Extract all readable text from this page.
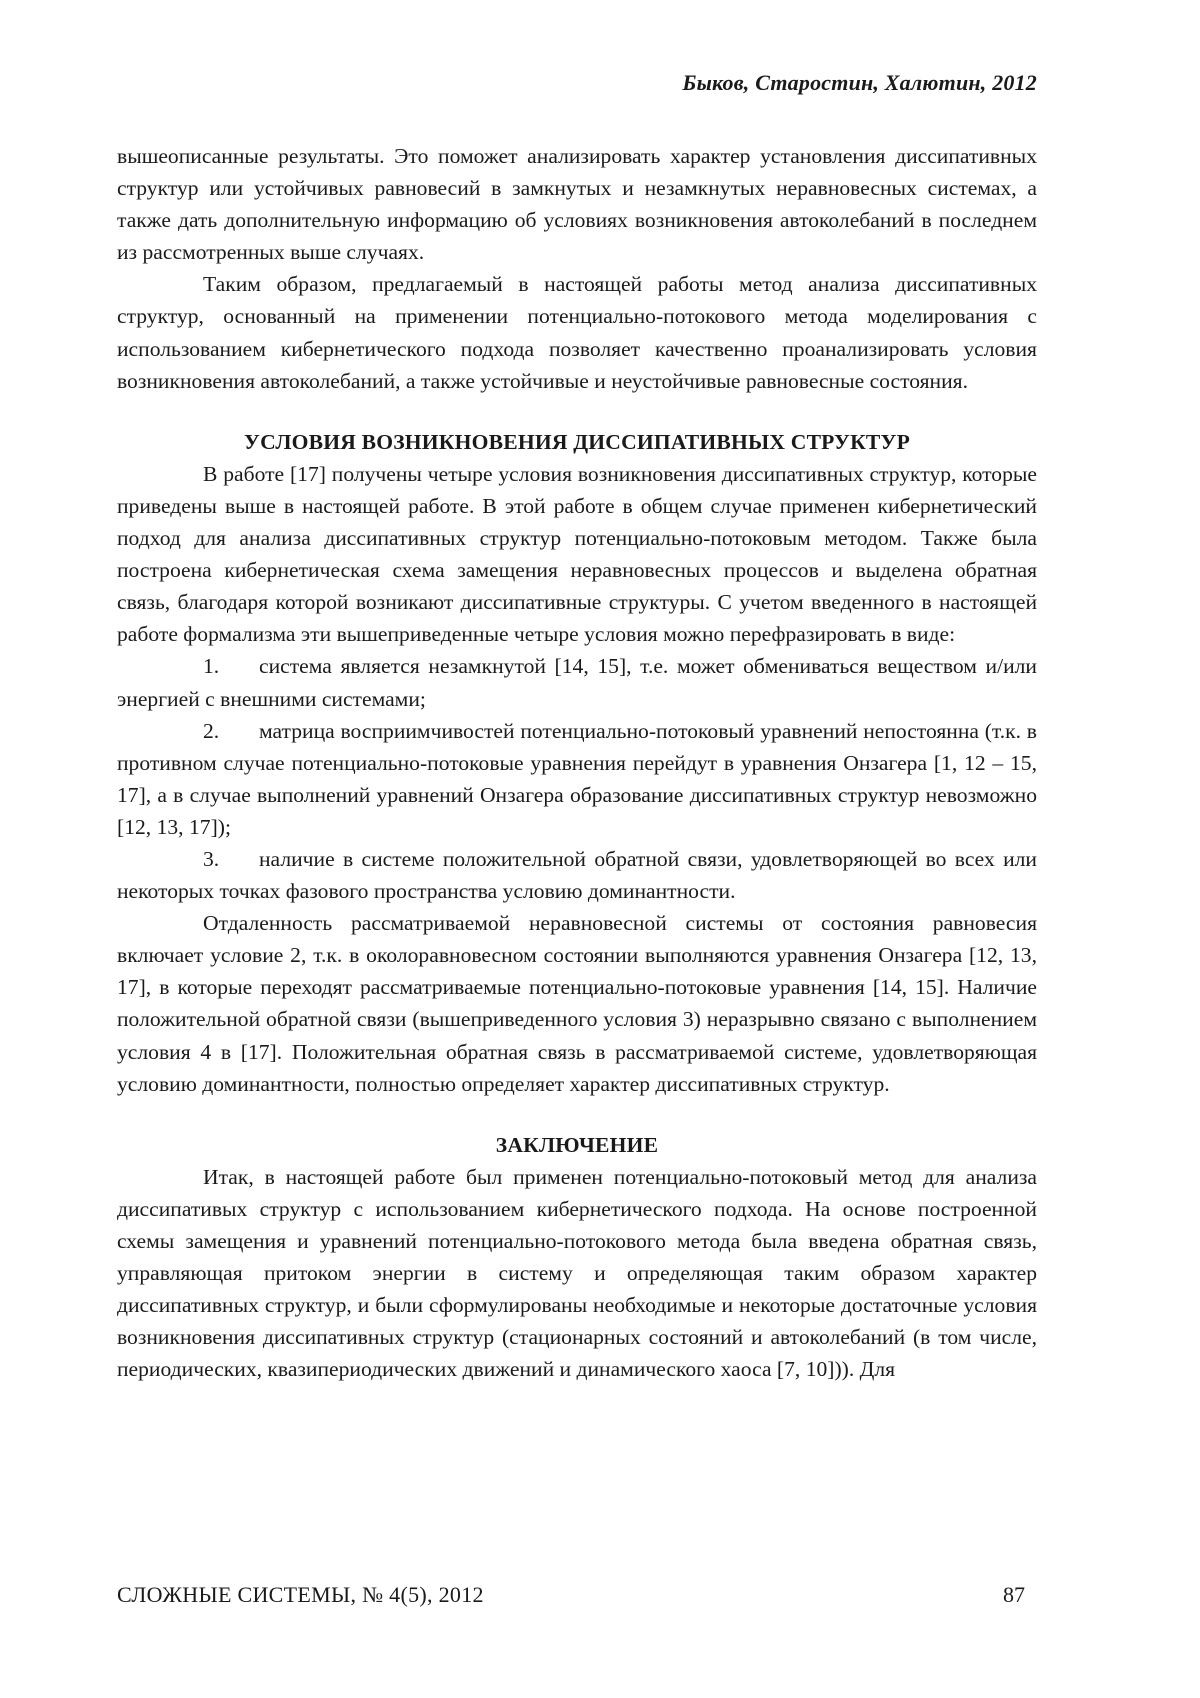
Быков, Старостин, Халютин, 2012

вышеописанные результаты. Это поможет анализировать характер установления диссипативных структур или устойчивых равновесий в замкнутых и незамкнутых неравновесных системах, а также дать дополнительную информацию об условиях возникновения автоколебаний в последнем из рассмотренных выше случаях.

Таким образом, предлагаемый в настоящей работы метод анализа диссипативных структур, основанный на применении потенциально-потокового метода моделирования с использованием кибернетического подхода позволяет качественно проанализировать условия возникновения автоколебаний, а также устойчивые и неустойчивые равновесные состояния.

УСЛОВИЯ ВОЗНИКНОВЕНИЯ ДИССИПАТИВНЫХ СТРУКТУР

В работе [17] получены четыре условия возникновения диссипативных структур, которые приведены выше в настоящей работе. В этой работе в общем случае применен кибернетический подход для анализа диссипативных структур потенциально-потоковым методом. Также была построена кибернетическая схема замещения неравновесных процессов и выделена обратная связь, благодаря которой возникают диссипативные структуры. С учетом введенного в настоящей работе формализма эти вышеприведенные четыре условия можно перефразировать в виде:

1. система является незамкнутой [14, 15], т.е. может обмениваться веществом и/или энергией с внешними системами;

2. матрица восприимчивостей потенциально-потоковый уравнений непостоянна (т.к. в противном случае потенциально-потоковые уравнения перейдут в уравнения Онзагера [1, 12 – 15, 17], а в случае выполнений уравнений Онзагера образование диссипативных структур невозможно [12, 13, 17]);

3. наличие в системе положительной обратной связи, удовлетворяющей во всех или некоторых точках фазового пространства условию доминантности.

Отдаленность рассматриваемой неравновесной системы от состояния равновесия включает условие 2, т.к. в околоравновесном состоянии выполняются уравнения Онзагера [12, 13, 17], в которые переходят рассматриваемые потенциально-потоковые уравнения [14, 15]. Наличие положительной обратной связи (вышеприведенного условия 3) неразрывно связано с выполнением условия 4 в [17]. Положительная обратная связь в рассматриваемой системе, удовлетворяющая условию доминантности, полностью определяет характер диссипативных структур.

ЗАКЛЮЧЕНИЕ

Итак, в настоящей работе был применен потенциально-потоковый метод для анализа диссипативых структур с использованием кибернетического подхода. На основе построенной схемы замещения и уравнений потенциально-потокового метода была введена обратная связь, управляющая притоком энергии в систему и определяющая таким образом характер диссипативных структур, и были сформулированы необходимые и некоторые достаточные условия возникновения диссипативных структур (стационарных состояний и автоколебаний (в том числе, периодических, квазипериодических движений и динамического хаоса [7, 10])). Для

СЛОЖНЫЕ СИСТЕМЫ, № 4(5), 2012	87
